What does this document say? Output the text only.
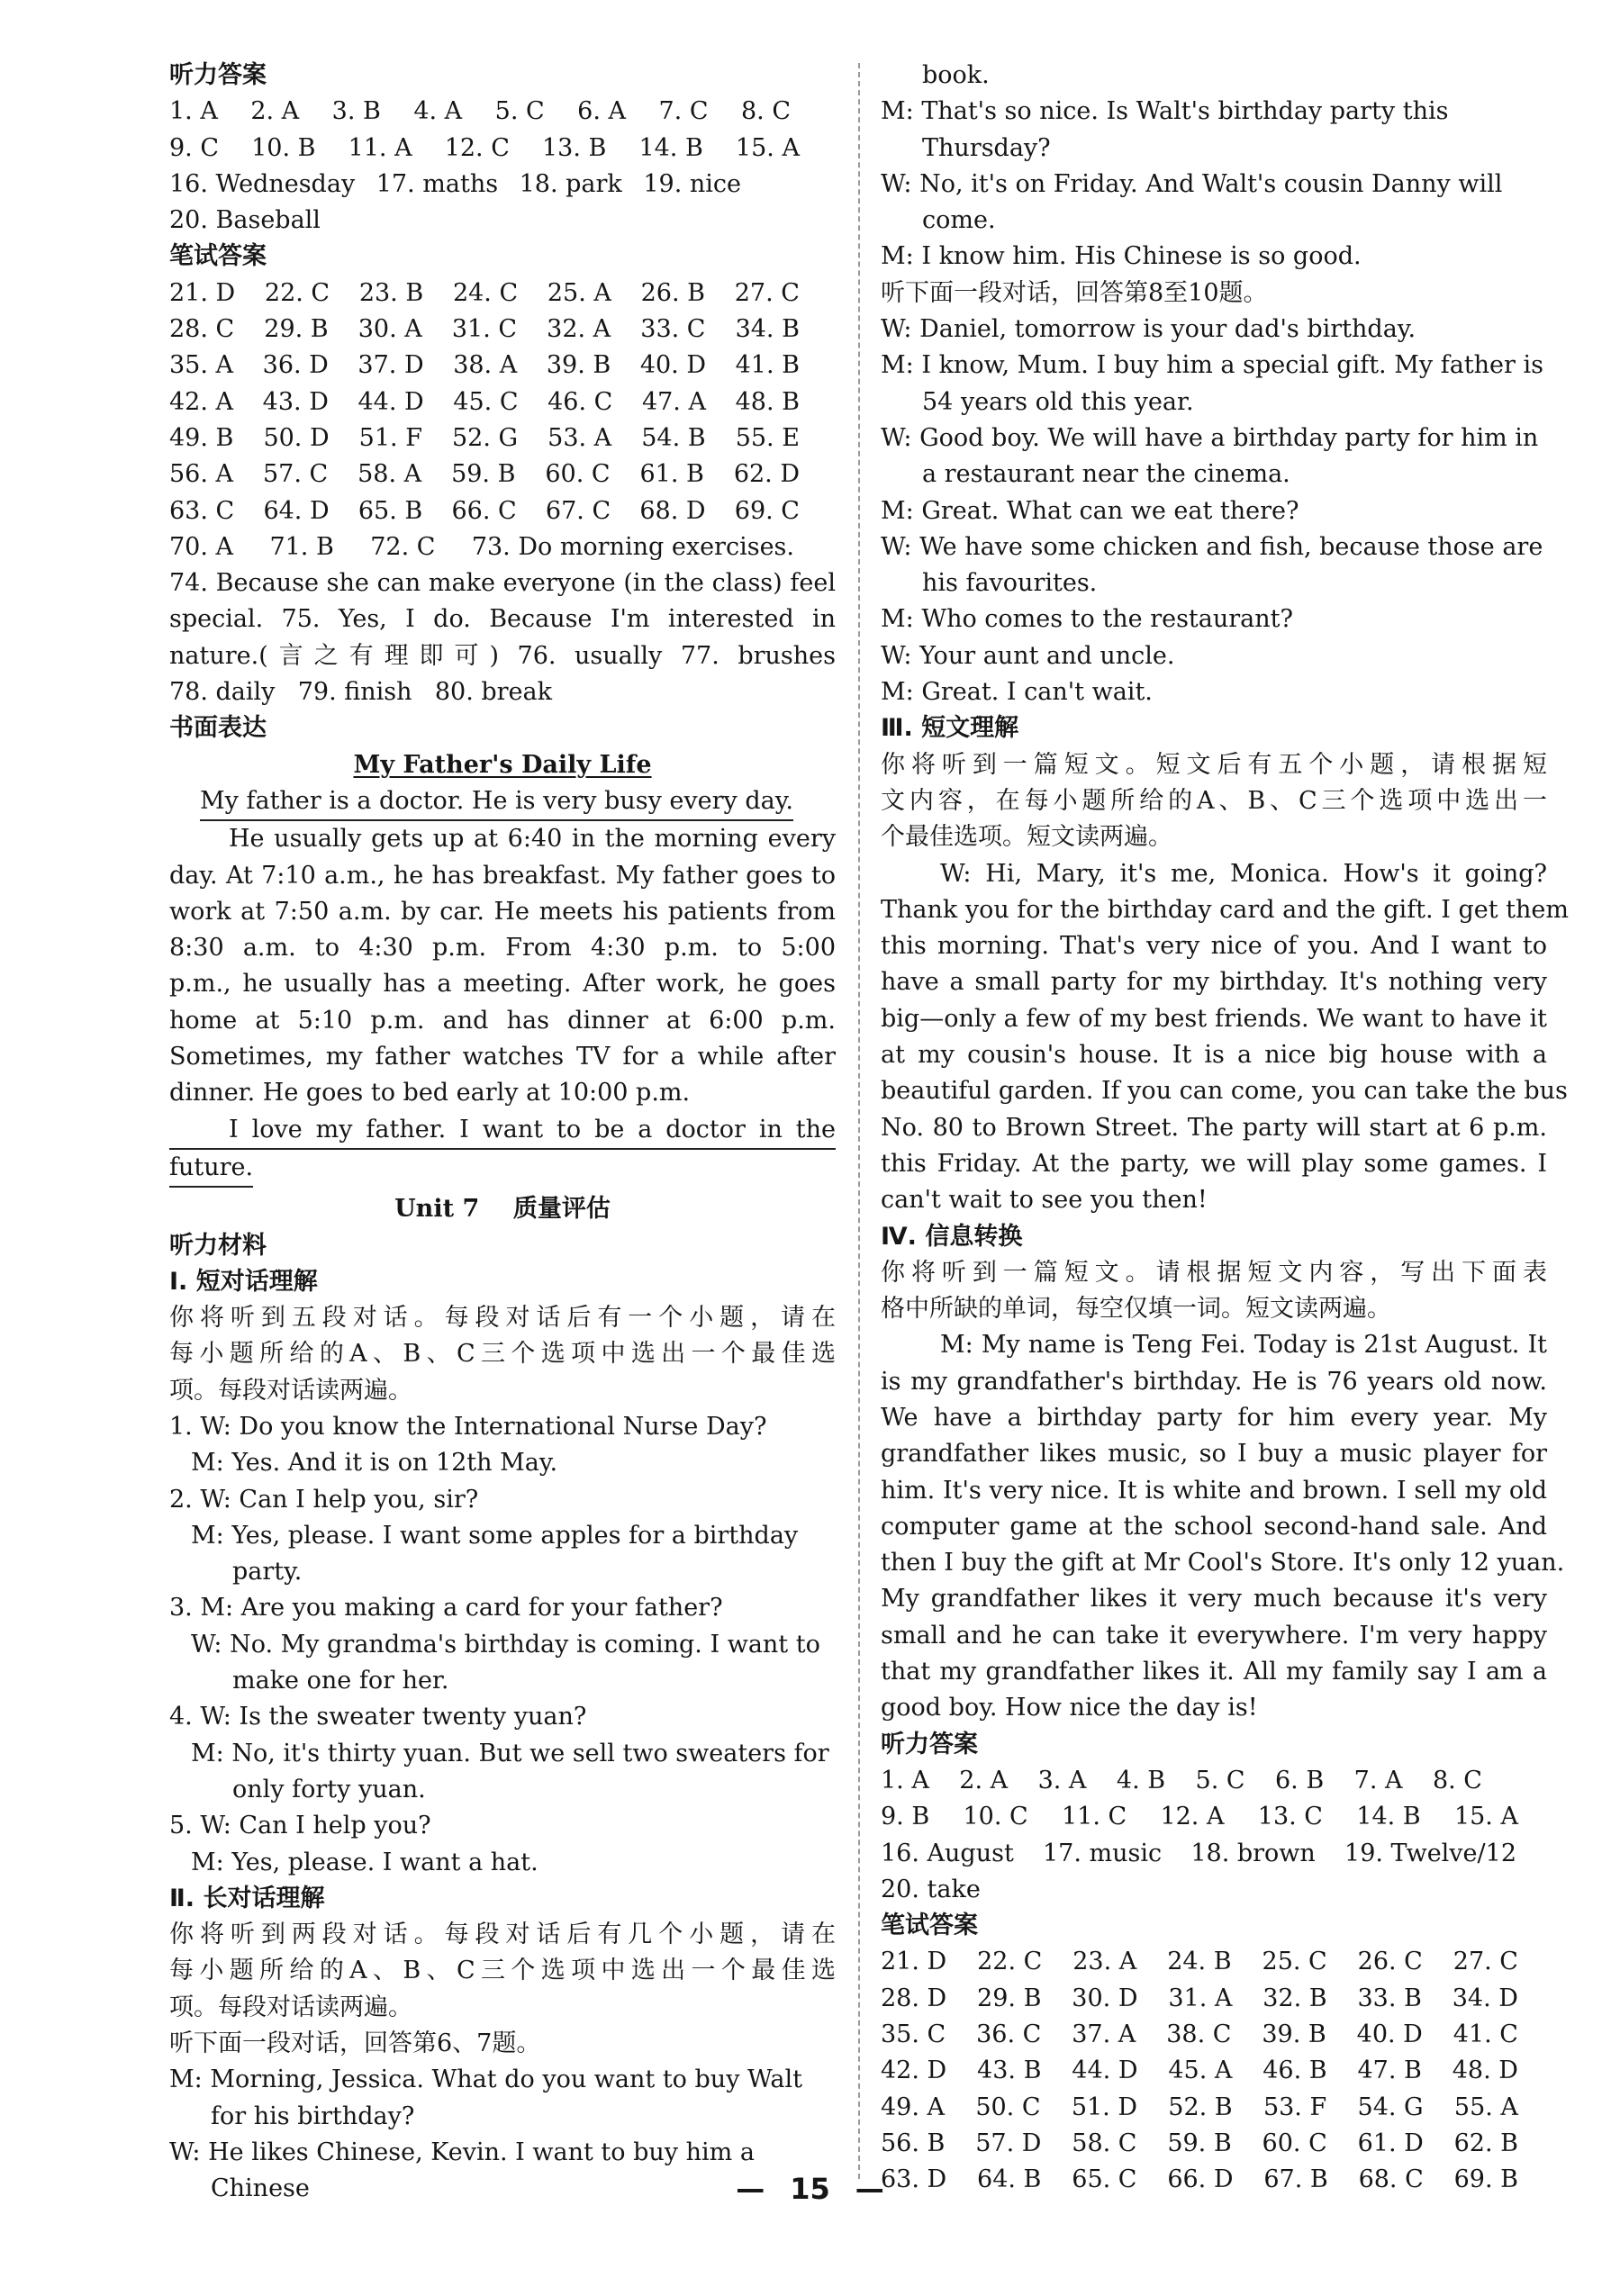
听力答案
1. A 2. A 3. B 4. A 5. C 6. A 7. C 8. C
9. C 10. B 11. A 12. C 13. B 14. B 15. A
16. Wednesday 17. maths 18. park 19. nice
20. Baseball
笔试答案
21. D 22. C 23. B 24. C 25. A 26. B 27. C
28. C 29. B 30. A 31. C 32. A 33. C 34. B
35. A 36. D 37. D 38. A 39. B 40. D 41. B
42. A 43. D 44. D 45. C 46. C 47. A 48. B
49. B 50. D 51. F 52. G 53. A 54. B 55. E
56. A 57. C 58. A 59. B 60. C 61. B 62. D
63. C 64. D 65. B 66. C 67. C 68. D 69. C
70. A 71. B 72. C 73. Do morning exercises.
74. Because she can make everyone (in the class) feel
special. 75. Yes, I do. Because I'm interested in
nature.(言之有理即可) 76. usually 77. brushes
78. daily 79. finish 80. break
书面表达
My Father's Daily Life
My father is a doctor. He is very busy every day.
He usually gets up at 6:40 in the morning every
day. At 7:10 a.m., he has breakfast. My father goes to
work at 7:50 a.m. by car. He meets his patients from
8:30 a.m. to 4:30 p.m. From 4:30 p.m. to 5:00
p.m., he usually has a meeting. After work, he goes
home at 5:10 p.m. and has dinner at 6:00 p.m.
Sometimes, my father watches TV for a while after
dinner. He goes to bed early at 10:00 p.m.
I love my father. I want to be a doctor in the
future.
Unit 7    质量评估
听力材料
Ⅰ. 短对话理解
你将听到五段对话。每段对话后有一个小题，请在
每小题所给的A、B、C三个选项中选出一个最佳选
项。每段对话读两遍。
1. W: Do you know the International Nurse Day?
M: Yes. And it is on 12th May.
2. W: Can I help you, sir?
M: Yes, please. I want some apples for a birthday party.
3. M: Are you making a card for your father?
W: No. My grandma's birthday is coming. I want to make one for her.
4. W: Is the sweater twenty yuan?
M: No, it's thirty yuan. But we sell two sweaters for only forty yuan.
5. W: Can I help you?
M: Yes, please. I want a hat.
Ⅱ. 长对话理解
你将听到两段对话。每段对话后有几个小题，请在
每小题所给的A、B、C三个选项中选出一个最佳选
项。每段对话读两遍。
听下面一段对话，回答第6、7题。
M: Morning, Jessica. What do you want to buy Walt for his birthday?
W: He likes Chinese, Kevin. I want to buy him a Chinese
book.
M: That's so nice. Is Walt's birthday party this Thursday?
W: No, it's on Friday. And Walt's cousin Danny will come.
M: I know him. His Chinese is so good.
听下面一段对话，回答第8至10题。
W: Daniel, tomorrow is your dad's birthday.
M: I know, Mum. I buy him a special gift. My father is 54 years old this year.
W: Good boy. We will have a birthday party for him in a restaurant near the cinema.
M: Great. What can we eat there?
W: We have some chicken and fish, because those are his favourites.
M: Who comes to the restaurant?
W: Your aunt and uncle.
M: Great. I can't wait.
Ⅲ. 短文理解
你将听到一篇短文。短文后有五个小题，请根据短
文内容，在每小题所给的A、B、C三个选项中选出一
个最佳选项。短文读两遍。
W: Hi, Mary, it's me, Monica. How's it going?
Thank you for the birthday card and the gift. I get them
this morning. That's very nice of you. And I want to
have a small party for my birthday. It's nothing very
big—only a few of my best friends. We want to have it
at my cousin's house. It is a nice big house with a
beautiful garden. If you can come, you can take the bus
No. 80 to Brown Street. The party will start at 6 p.m.
this Friday. At the party, we will play some games. I
can't wait to see you then!
Ⅳ. 信息转换
你将听到一篇短文。请根据短文内容，写出下面表
格中所缺的单词，每空仅填一词。短文读两遍。
M: My name is Teng Fei. Today is 21st August. It
is my grandfather's birthday. He is 76 years old now.
We have a birthday party for him every year. My
grandfather likes music, so I buy a music player for
him. It's very nice. It is white and brown. I sell my old
computer game at the school second-hand sale. And
then I buy the gift at Mr Cool's Store. It's only 12 yuan.
My grandfather likes it very much because it's very
small and he can take it everywhere. I'm very happy
that my grandfather likes it. All my family say I am a
good boy. How nice the day is!
听力答案
1. A 2. A 3. A 4. B 5. C 6. B 7. A 8. C
9. B 10. C 11. C 12. A 13. C 14. B 15. A
16. August 17. music 18. brown 19. Twelve/12
20. take
笔试答案
21. D 22. C 23. A 24. B 25. C 26. C 27. C
28. D 29. B 30. D 31. A 32. B 33. B 34. D
35. C 36. C 37. A 38. C 39. B 40. D 41. C
42. D 43. B 44. D 45. A 46. B 47. B 48. D
49. A 50. C 51. D 52. B 53. F 54. G 55. A
56. B 57. D 58. C 59. B 60. C 61. D 62. B
63. D 64. B 65. C 66. D 67. B 68. C 69. B
— 15 —
